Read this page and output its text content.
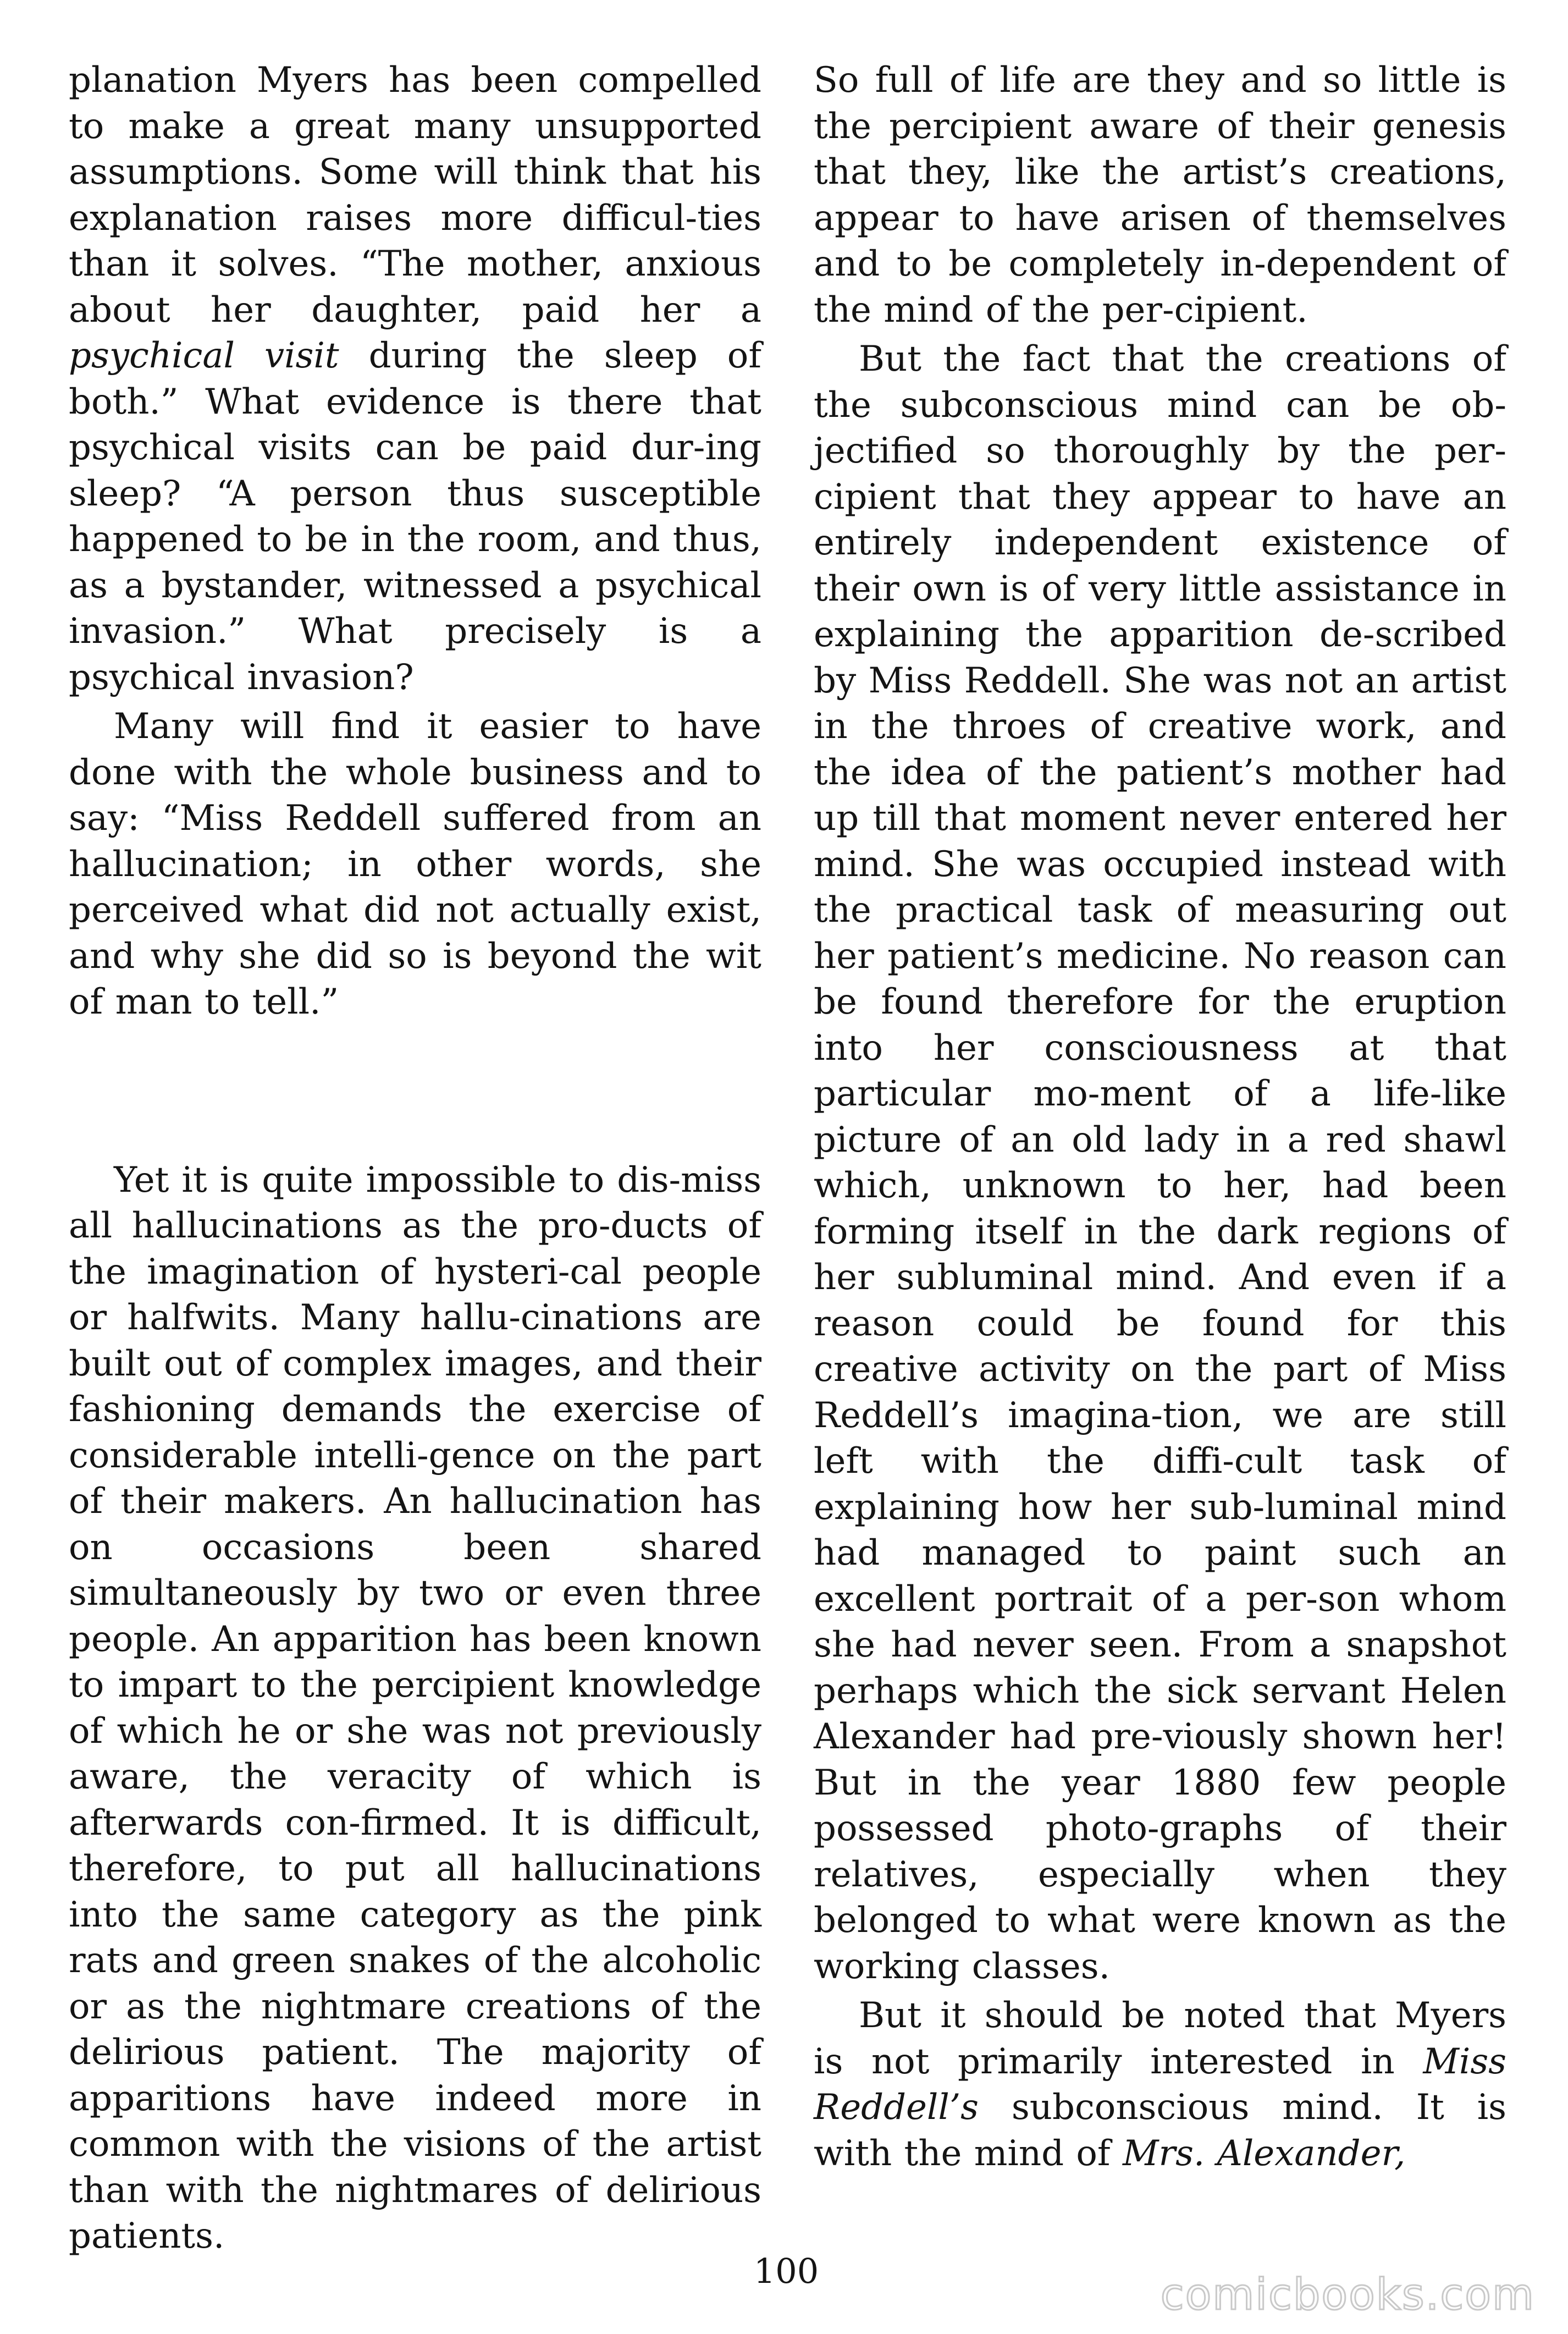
planation Myers has been compelled to make a great many unsupported assumptions. Some will think that his explanation raises more difficul-ties than it solves. “The mother, anxious about her daughter, paid her a psychical visit during the sleep of both.” What evidence is there that psychical visits can be paid dur-ing sleep? “A person thus susceptible happened to be in the room, and thus, as a bystander, witnessed a psychical invasion.” What precisely is a psychical invasion?

Many will find it easier to have done with the whole business and to say: “Miss Reddell suffered from an hallucination; in other words, she perceived what did not actually exist, and why she did so is beyond the wit of man to tell.”

Yet it is quite impossible to dis-miss all hallucinations as the pro-ducts of the imagination of hysteri-cal people or halfwits. Many hallu-cinations are built out of complex images, and their fashioning demands the exercise of considerable intelli-gence on the part of their makers. An hallucination has on occasions been shared simultaneously by two or even three people. An apparition has been known to impart to the percipient knowledge of which he or she was not previously aware, the veracity of which is afterwards con-firmed. It is difficult, therefore, to put all hallucinations into the same category as the pink rats and green snakes of the alcoholic or as the nightmare creations of the delirious patient. The majority of apparitions have indeed more in common with the visions of the artist than with the nightmares of delirious patients.

So full of life are they and so little is the percipient aware of their genesis that they, like the artist’s creations, appear to have arisen of themselves and to be completely in-dependent of the mind of the per-cipient.

But the fact that the creations of the subconscious mind can be ob-jectified so thoroughly by the per-cipient that they appear to have an entirely independent existence of their own is of very little assistance in explaining the apparition de-scribed by Miss Reddell. She was not an artist in the throes of creative work, and the idea of the patient’s mother had up till that moment never entered her mind. She was occupied instead with the practical task of measuring out her patient’s medicine. No reason can be found therefore for the eruption into her consciousness at that particular mo-ment of a life-like picture of an old lady in a red shawl which, unknown to her, had been forming itself in the dark regions of her subluminal mind. And even if a reason could be found for this creative activity on the part of Miss Reddell’s imagina-tion, we are still left with the diffi-cult task of explaining how her sub-luminal mind had managed to paint such an excellent portrait of a per-son whom she had never seen. From a snapshot perhaps which the sick servant Helen Alexander had pre-viously shown her! But in the year 1880 few people possessed photo-graphs of their relatives, especially when they belonged to what were known as the working classes.

But it should be noted that Myers is not primarily interested in Miss Reddell’s subconscious mind. It is with the mind of Mrs. Alexander,

100	comicbooks.com
